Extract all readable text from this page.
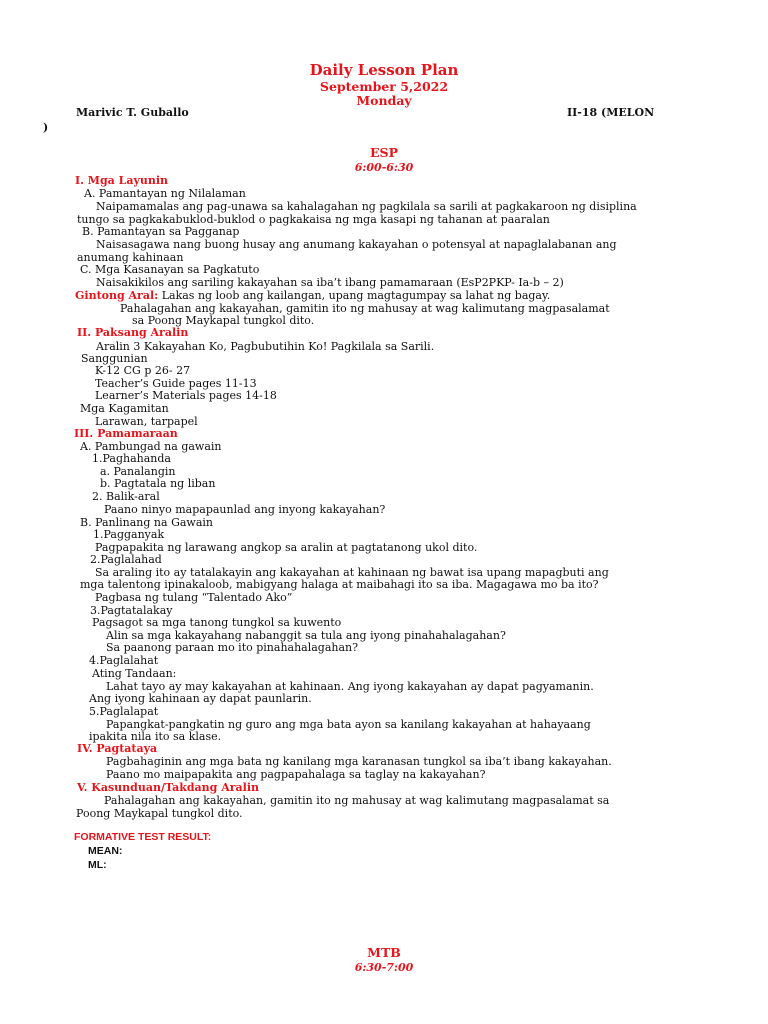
Daily Lesson Plan
September 5,2022
Monday
Marivic T. Guballo	II-18 (MELON
)
ESP
6:00-6:30
I. Mga Layunin
A. Pamantayan ng Nilalaman
Naipamamalas ang pag-unawa sa kahalagahan ng pagkilala sa sarili at pagkakaroon ng disiplina
tungo sa pagkakabuklod-buklod o pagkakaisa ng mga kasapi ng tahanan at paaralan
B. Pamantayan sa Pagganap
Naisasagawa nang buong husay ang anumang kakayahan o potensyal at napaglalabanan ang
anumang kahinaan
C. Mga Kasanayan sa Pagkatuto
Naisakikilos ang sariling kakayahan sa iba’t ibang pamamaraan (EsP2PKP- Ia-b – 2)
Gintong Aral: Lakas ng loob ang kailangan, upang magtagumpay sa lahat ng bagay.
Pahalagahan ang kakayahan, gamitin ito ng mahusay at wag kalimutang magpasalamat
sa Poong Maykapal tungkol dito.
II. Paksang Aralin
Aralin 3 Kakayahan Ko, Pagbubutihin Ko! Pagkilala sa Sarili.
Sanggunian
K-12 CG p 26- 27
Teacher’s Guide pages 11-13
Learner’s Materials pages 14-18
Mga Kagamitan
Larawan, tarpapel
III. Pamamaraan
A. Pambungad na gawain
1.Paghahanda
a. Panalangin
b. Pagtatala ng liban
2. Balik-aral
Paano ninyo mapapaunlad ang inyong kakayahan?
B. Panlinang na Gawain
1.Pagganyak
Pagpapakita ng larawang angkop sa aralin at pagtatanong ukol dito.
2.Paglalahad
Sa araling ito ay tatalakayin ang kakayahan at kahinaan ng bawat isa upang mapagbuti ang
mga talentong ipinakaloob, mabigyang halaga at maibahagi ito sa iba. Magagawa mo ba ito?
Pagbasa ng tulang “Talentado Ako”
3.Pagtatalakay
Pagsagot sa mga tanong tungkol sa kuwento
Alin sa mga kakayahang nabanggit sa tula ang iyong pinahahalagahan?
Sa paanong paraan mo ito pinahahalagahan?
4.Paglalahat
Ating Tandaan:
Lahat tayo ay may kakayahan at kahinaan. Ang iyong kakayahan ay dapat pagyamanin.
Ang iyong kahinaan ay dapat paunlarin.
5.Paglalapat
Papangkat-pangkatin ng guro ang mga bata ayon sa kanilang kakayahan at hahayaang
ipakita nila ito sa klase.
IV. Pagtataya
Pagbahaginin ang mga bata ng kanilang mga karanasan tungkol sa iba’t ibang kakayahan.
Paano mo maipapakita ang pagpapahalaga sa taglay na kakayahan?
V. Kasunduan/Takdang Aralin
Pahalagahan ang kakayahan, gamitin ito ng mahusay at wag kalimutang magpasalamat sa
Poong Maykapal tungkol dito.
FORMATIVE TEST RESULT:
MEAN:
ML:
MTB
6:30-7:00
